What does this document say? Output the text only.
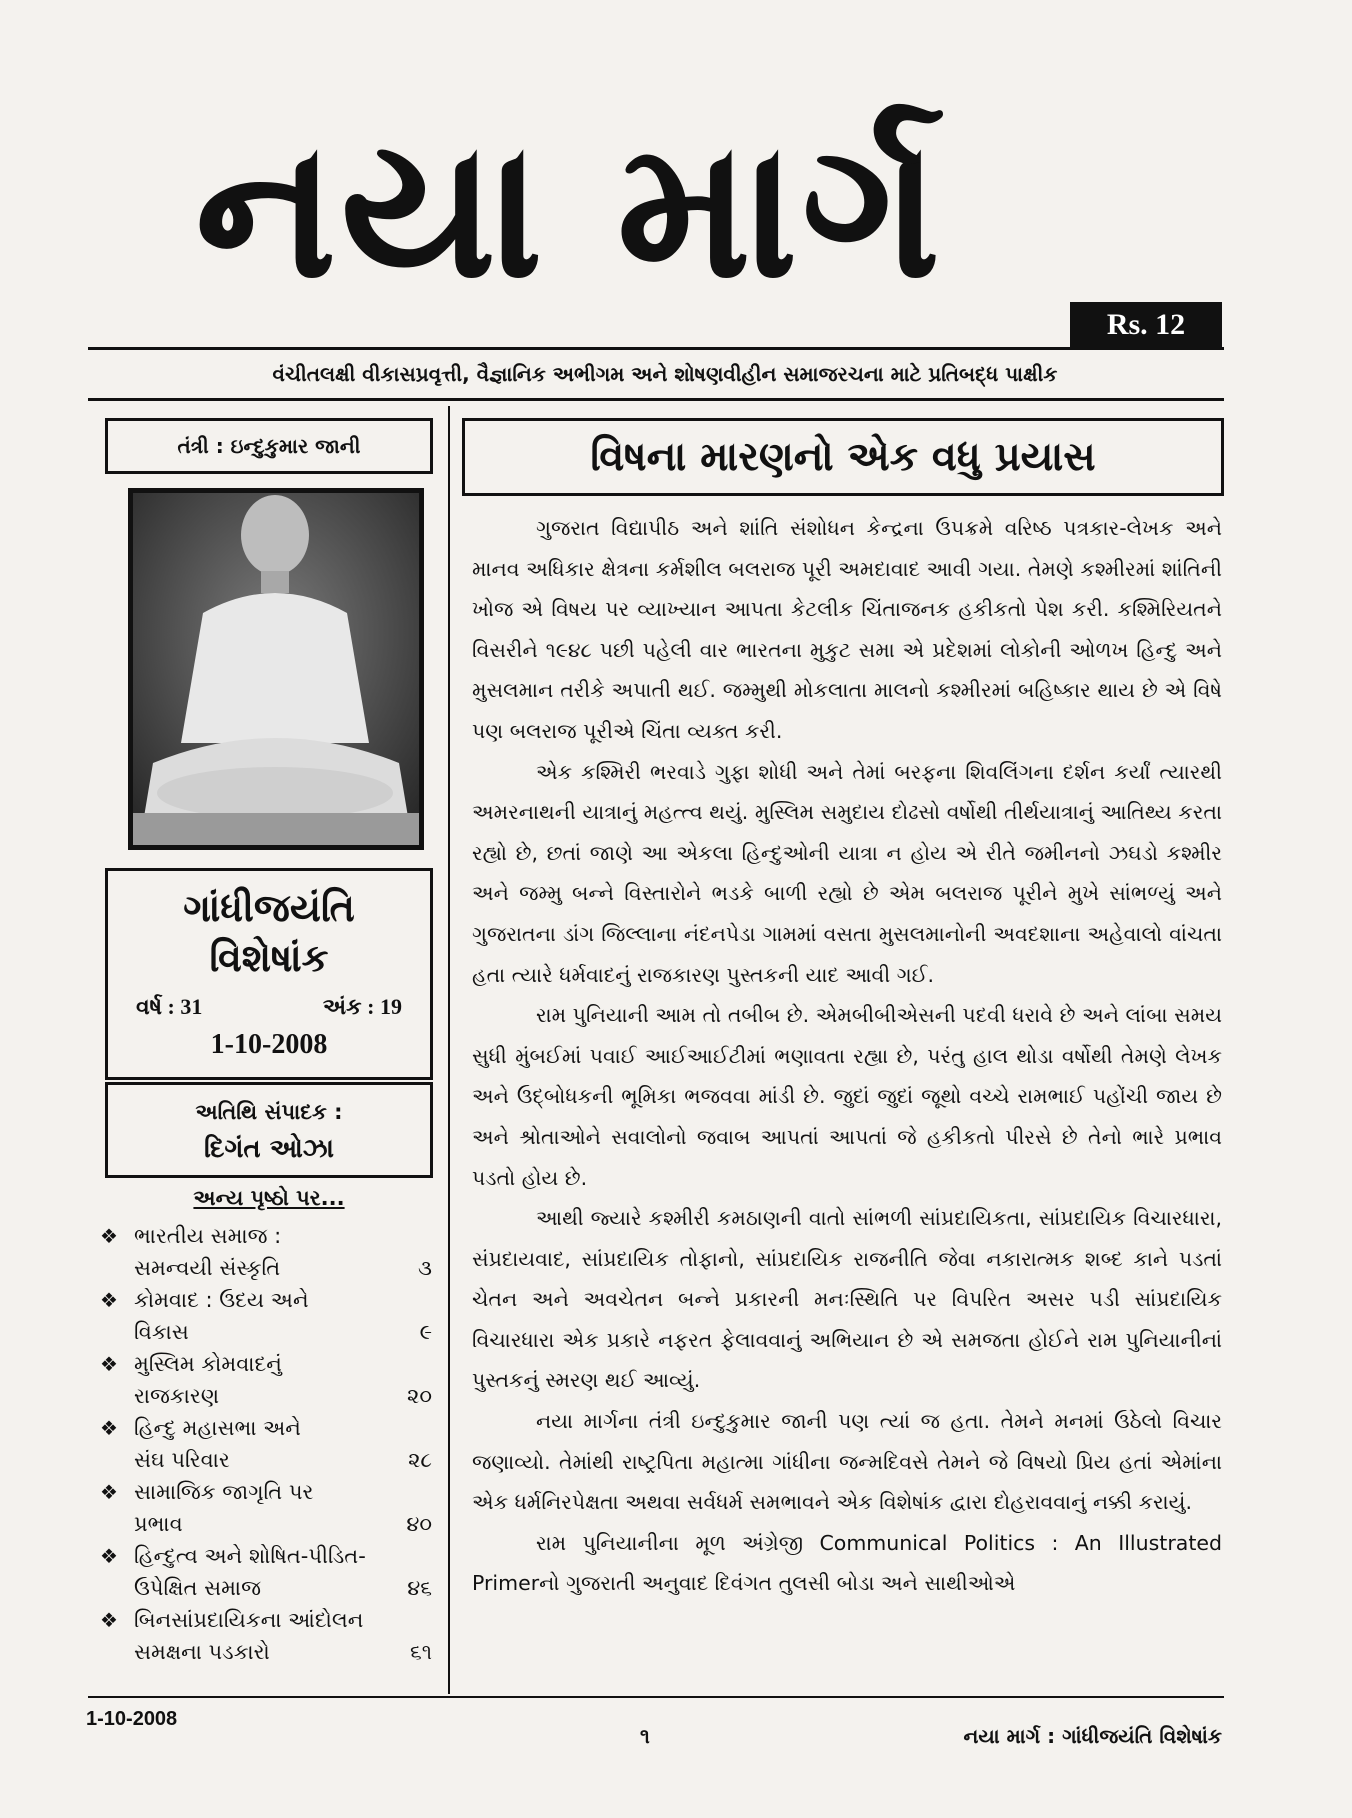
નયા માર્ગ
Rs. 12
વંચીતલક્ષી વીકાસપ્રવૃત્તી, વૈજ્ઞાનિક અભીગમ અને શોષણવીહીન સમાજરચના માટે પ્રતિબદ્ધ પાક્ષીક
તંત્રી : ઇન્દુકુમાર જાની
ગાંધીજયંતિ
વિશેષાંક
વર્ષ : 31	અંક : 19
1-10-2008
અતિથિ સંપાદક :
દિગંત ઓઝા
અન્ય પૃષ્ઠો પર...
❖ ભારતીય સમાજ :
સમન્વયી સંસ્કૃતિ	૩
❖ કોમવાદ : ઉદય અને
વિકાસ	૯
❖ મુસ્લિમ કોમવાદનું
રાજકારણ	૨૦
❖ હિન્દુ મહાસભા અને
સંઘ પરિવાર	૨૮
❖ સામાજિક જાગૃતિ પર
પ્રભાવ	૪૦
❖ હિન્દુત્વ અને શોષિત-પીડિત-
ઉપેક્ષિત સમાજ	૪૬
❖ બિનસાંપ્રદાયિકના આંદોલન
સમક્ષના પડકારો	૬૧
વિષના મારણનો એક વધુ પ્રયાસ

ગુજરાત વિદ્યાપીઠ અને શાંતિ સંશોધન કેન્દ્રના ઉપક્રમે વરિષ્ઠ પત્રકાર-લેખક અને માનવ અધિકાર ક્ષેત્રના કર્મશીલ બલરાજ પૂરી અમદાવાદ આવી ગયા. તેમણે કશ્મીરમાં શાંતિની ખોજ એ વિષય પર વ્યાખ્યાન આપતા કેટલીક ચિંતાજનક હકીકતો પેશ કરી. કશ્મિરિયતને વિસરીને ૧૯૪૮ પછી પહેલી વાર ભારતના મુકુટ સમા એ પ્રદેશમાં લોકોની ઓળખ હિન્દુ અને મુસલમાન તરીકે અપાતી થઈ. જમ્મુથી મોકલાતા માલનો કશ્મીરમાં બહિષ્કાર થાય છે એ વિષે પણ બલરાજ પૂરીએ ચિંતા વ્યક્ત કરી.

એક કશ્મિરી ભરવાડે ગુફા શોધી અને તેમાં બરફના શિવલિંગના દર્શન કર્યાં ત્યારથી અમરનાથની યાત્રાનું મહત્ત્વ થયું. મુસ્લિમ સમુદાય દોઢસો વર્ષોથી તીર્થયાત્રાનું આતિથ્ય કરતા રહ્યો છે, છતાં જાણે આ એકલા હિન્દુઓની યાત્રા ન હોય એ રીતે જમીનનો ઝઘડો કશ્મીર અને જમ્મુ બન્ને વિસ્તારોને ભડકે બાળી રહ્યો છે એમ બલરાજ પૂરીને મુખે સાંભળ્યું અને ગુજરાતના ડાંગ જિલ્લાના નંદનપેડા ગામમાં વસતા મુસલમાનોની અવદશાના અહેવાલો વાંચતા હતા ત્યારે ધર્મવાદનું રાજકારણ પુસ્તકની યાદ આવી ગઈ.

રામ પુનિયાની આમ તો તબીબ છે. એમબીબીએસની પદવી ધરાવે છે અને લાંબા સમય સુધી મુંબઈમાં પવાઈ આઈઆઈટીમાં ભણાવતા રહ્યા છે, પરંતુ હાલ થોડા વર્ષોથી તેમણે લેખક અને ઉદ્બોધકની ભૂમિકા ભજવવા માંડી છે. જુદાં જુદાં જૂથો વચ્ચે રામભાઈ પહોંચી જાય છે અને શ્રોતાઓને સવાલોનો જવાબ આપતાં આપતાં જે હકીકતો પીરસે છે તેનો ભારે પ્રભાવ પડતો હોય છે.

આથી જ્યારે કશ્મીરી કમઠાણની વાતો સાંભળી સાંપ્રદાયિકતા, સાંપ્રદાયિક વિચારધારા, સંપ્રદાયવાદ, સાંપ્રદાયિક તોફાનો, સાંપ્રદાયિક રાજનીતિ જેવા નકારાત્મક શબ્દ કાને પડતાં ચેતન અને અવચેતન બન્ને પ્રકારની મનઃસ્થિતિ પર વિપરિત અસર પડી સાંપ્રદાયિક વિચારધારા એક પ્રકારે નફરત ફેલાવવાનું અભિયાન છે એ સમજતા હોઈને રામ પુનિયાનીનાં પુસ્તકનું સ્મરણ થઈ આવ્યું.

નયા માર્ગના તંત્રી ઇન્દુકુમાર જાની પણ ત્યાં જ હતા. તેમને મનમાં ઉઠેલો વિચાર જણાવ્યો. તેમાંથી રાષ્ટ્રપિતા મહાત્મા ગાંધીના જન્મદિવસે તેમને જે વિષયો પ્રિય હતાં એમાંના એક ધર્મનિરપેક્ષતા અથવા સર્વધર્મ સમભાવને એક વિશેષાંક દ્વારા દોહરાવવાનું નક્કી કરાયું.

રામ પુનિયાનીના મૂળ અંગ્રેજી Communical Politics : An Illustrated Primerનો ગુજરાતી અનુવાદ દિવંગત તુલસી બોડા અને સાથીઓએ

1-10-2008
૧	નયા માર્ગ : ગાંધીજયંતિ વિશેષાંક
